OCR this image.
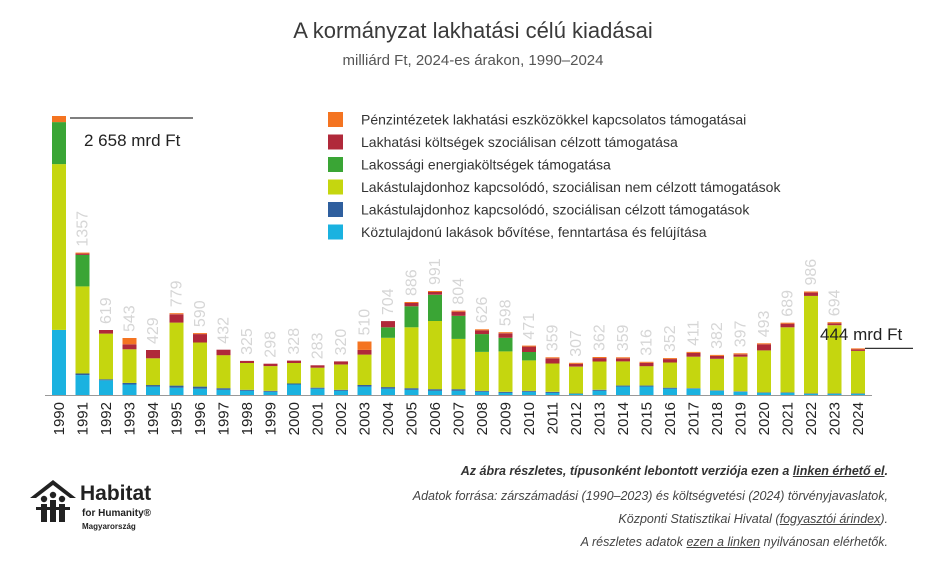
A kormányzat lakhatási célú kiadásai
milliárd Ft, 2024-es árakon, 1990–2024
1357
619 543 429
779
590
432 325 298 328 283 320
510
704
886 991
804
626 598
471 359 307 362 359 316 352 411 382 397 493
689
986
694
1990 1991 1992 1993 1994 1995 1996 1997 1998 1999 2000 2001 2002 2003 2004 2005 2006 2007 2008 2009 2010 2011 2012 2013 2014 2015 2016 2017 2018 2019 2020 2021 2022 2023 2024
Pénzintézetek lakhatási eszközökkel kapcsolatos támogatásai
Lakhatási költségek szociálisan célzott támogatása
Lakossági energiaköltségek támogatása
Lakástulajdonhoz kapcsolódó, szociálisan nem célzott támogatások
Lakástulajdonhoz kapcsolódó, szociálisan célzott támogatások
Köztulajdonú lakások bővítése, fenntartása és felújítása
2 658 mrd Ft
444 mrd Ft
Az ábra részletes, típusonként lebontott verziója ezen a linken érhető el.
Adatok forrása: zárszámadási (1990–2023) és költségvetési (2024) törvényjavaslatok,
Központi Statisztikai Hivatal (fogyasztói árindex).
A részletes adatok ezen a linken nyilvánosan elérhetők.
Habitat
for Humanity®
Magyarország
